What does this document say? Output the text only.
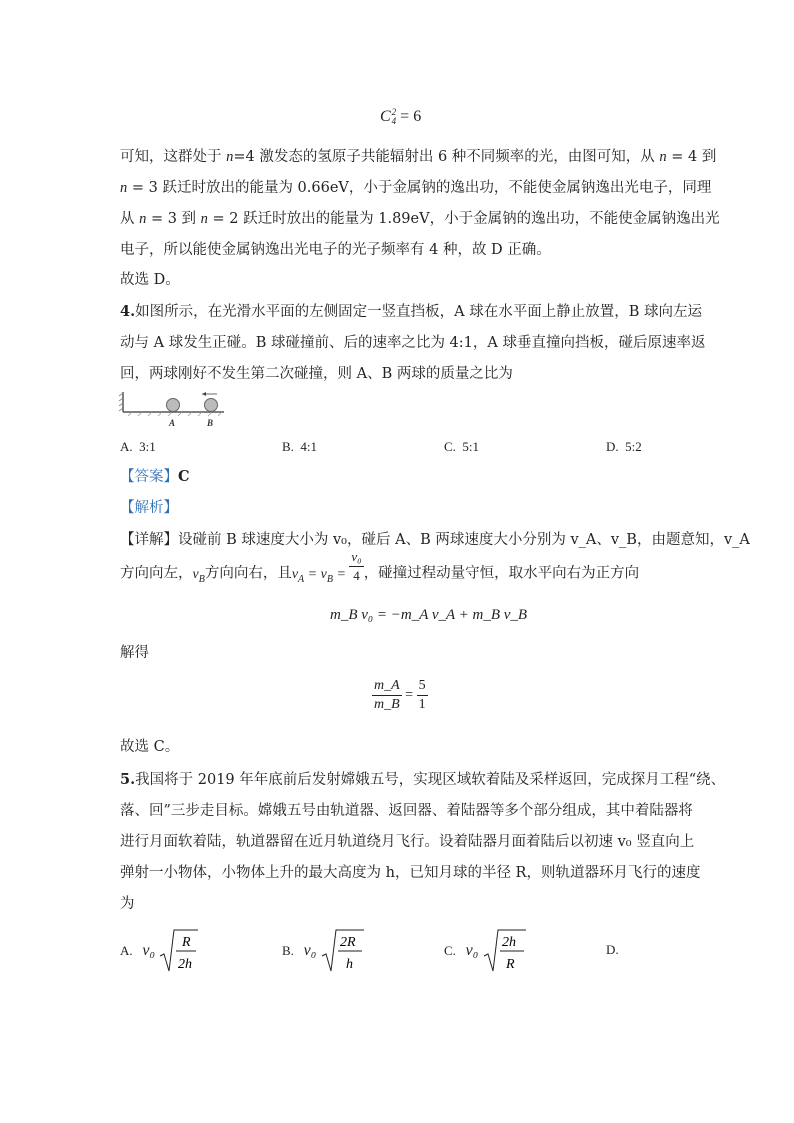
C 2
4 = 6
可知，这群处于 n=4 激发态的氢原子共能辐射出 6 种不同频率的光，由图可知，从 n = 4 到
n = 3 跃迁时放出的能量为 0.66eV，小于金属钠的逸出功，不能使金属钠逸出光电子，同理
从 n = 3 到 n = 2 跃迁时放出的能量为 1.89eV，小于金属钠的逸出功，不能使金属钠逸出光
电子，所以能使金属钠逸出光电子的光子频率有 4 种，故 D 正确。
故选 D。
4.如图所示，在光滑水平面的左侧固定一竖直挡板，A 球在水平面上静止放置，B 球向左运
动与 A 球发生正碰。B 球碰撞前、后的速率之比为 4:1，A 球垂直撞向挡板，碰后原速率返
回，两球刚好不发生第二次碰撞，则 A、B 两球的质量之比为
A	B
A. 3:1	B. 4:1	C. 5:1	D. 5:2
【答案】C
【解析】
【详解】设碰前 B 球速度大小为 v₀，碰后 A、B 两球速度大小分别为 v_A、v_B，由题意知，v_A
方向向左，$v_B$方向向右，且$v_A = v_B = \frac{\text{v₀}}{4}$ ，碰撞过程动量守恒，取水平向右为正方向
m_B v₀ = −m_A v_A + m_B v_B
解得
$\frac{m\_A}{m\_B} = \frac{5}{1}$
故选 C。
5.我国将于 2019 年年底前后发射嫦娥五号，实现区域软着陆及采样返回，完成探月工程“绕、
落、回”三步走目标。嫦娥五号由轨道器、返回器、着陆器等多个部分组成，其中着陆器将
进行月面软着陆，轨道器留在近月轨道绕月飞行。设着陆器月面着陆后以初速 v₀ 竖直向上
弹射一小物体，小物体上升的最大高度为 h，已知月球的半径 R，则轨道器环月飞行的速度
为
A. v₀ R
2h
B. v₀ 2R
h
C. v₀ 2h
R
D.
